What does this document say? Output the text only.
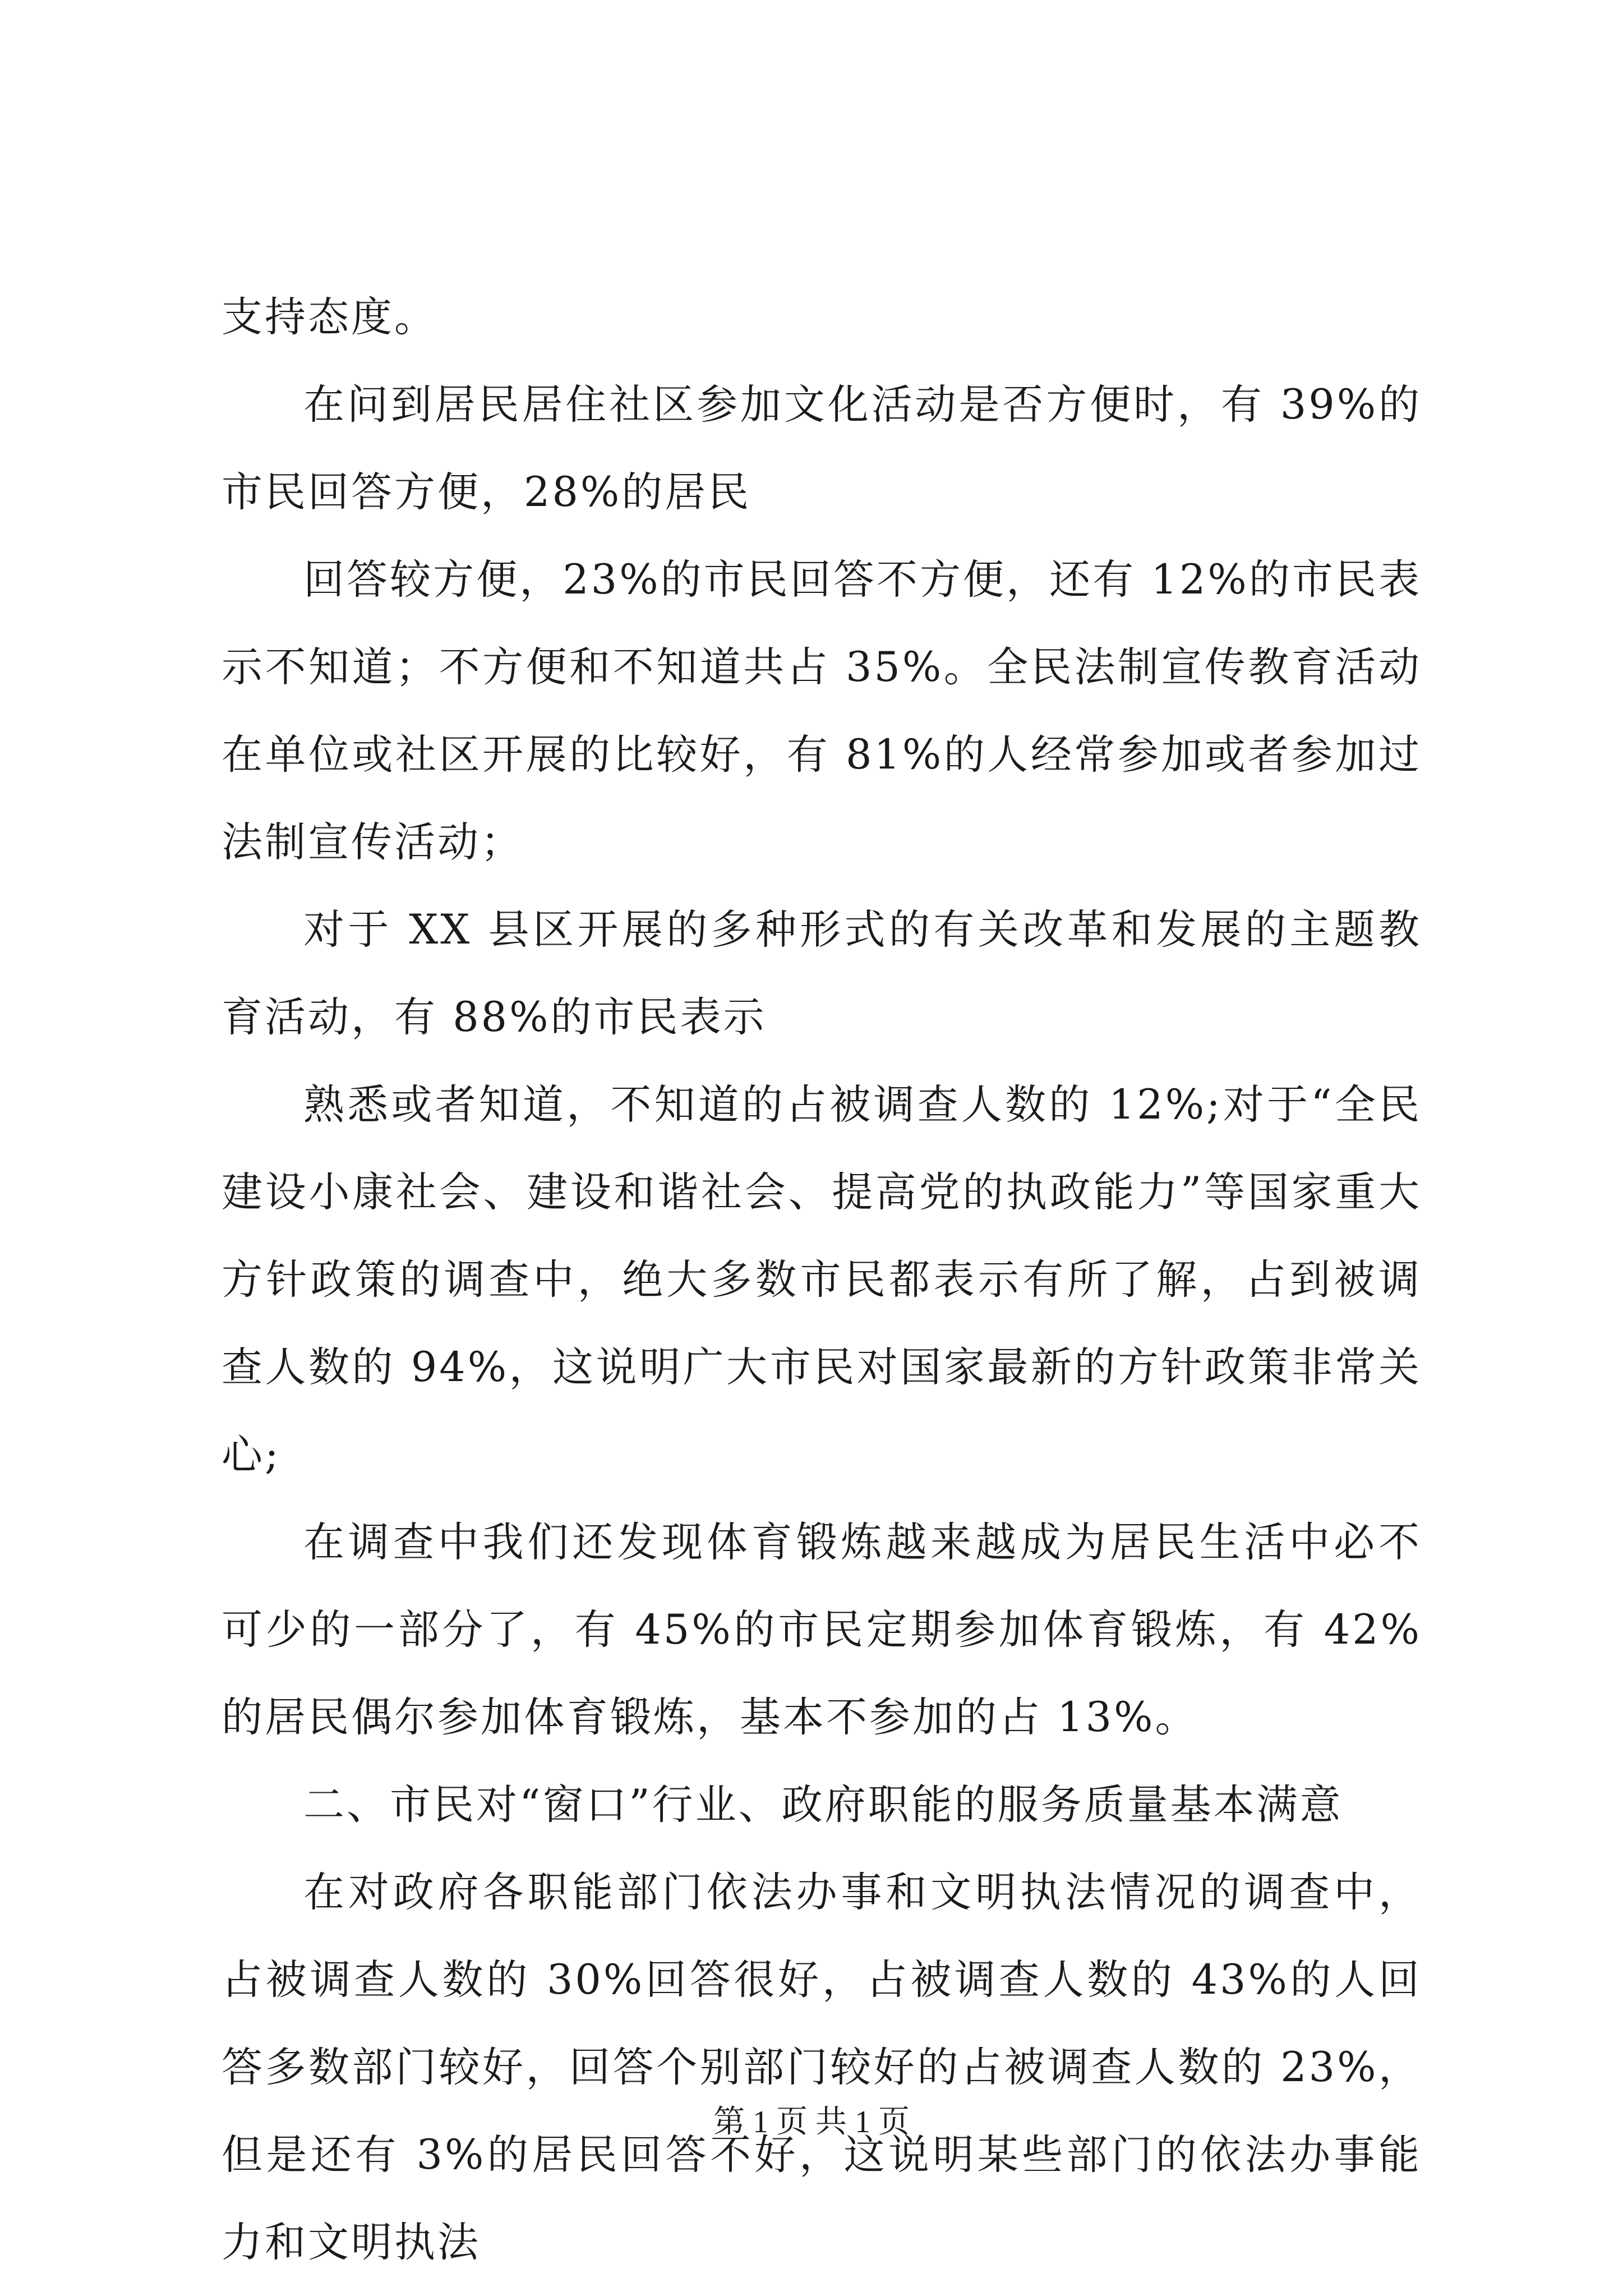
支持态度。

在问到居民居住社区参加文化活动是否方便时，有 39%的市民回答方便，28%的居民

回答较方便，23%的市民回答不方便，还有 12%的市民表示不知道；不方便和不知道共占 35%。全民法制宣传教育活动在单位或社区开展的比较好，有 81%的人经常参加或者参加过法制宣传活动；

对于 XX 县区开展的多种形式的有关改革和发展的主题教育活动，有 88%的市民表示

熟悉或者知道，不知道的占被调查人数的 12%;对于“全民建设小康社会、建设和谐社会、提高党的执政能力”等国家重大方针政策的调查中，绝大多数市民都表示有所了解，占到被调查人数的 94%，这说明广大市民对国家最新的方针政策非常关心;

在调查中我们还发现体育锻炼越来越成为居民生活中必不可少的一部分了，有 45%的市民定期参加体育锻炼，有 42%的居民偶尔参加体育锻炼，基本不参加的占 13%。

二、市民对“窗口”行业、政府职能的服务质量基本满意

在对政府各职能部门依法办事和文明执法情况的调查中，占被调查人数的 30%回答很好，占被调查人数的 43%的人回答多数部门较好，回答个别部门较好的占被调查人数的 23%，但是还有 3%的居民回答不好，这说明某些部门的依法办事能力和文明执法

第 1 页 共 1 页
